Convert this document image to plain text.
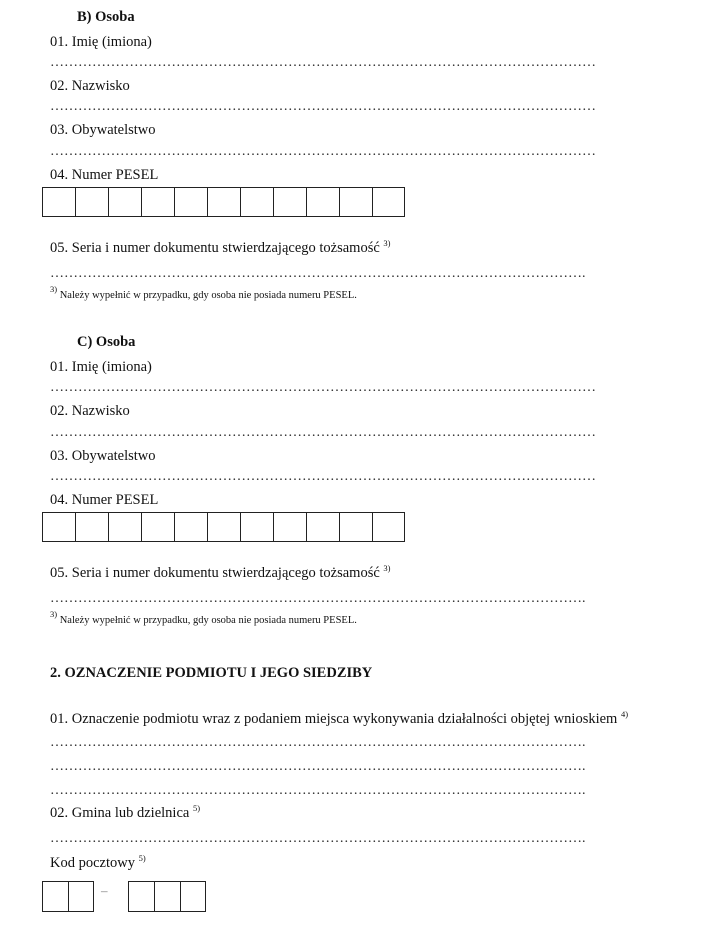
B) Osoba
01. Imię (imiona)
………………………………………………………………………………………………………
02. Nazwisko
………………………………………………………………………………………………………
03. Obywatelstwo
………………………………………………………………………………………………………
04. Numer PESEL
05. Seria i numer dokumentu stwierdzającego tożsamość $^{3)}$
…………………………………………………………………………………………………….
$^{3)}$ Należy wypełnić w przypadku, gdy osoba nie posiada numeru PESEL.
C) Osoba
01. Imię (imiona)
………………………………………………………………………………………………………
02. Nazwisko
………………………………………………………………………………………………………
03. Obywatelstwo
………………………………………………………………………………………………………
04. Numer PESEL
05. Seria i numer dokumentu stwierdzającego tożsamość $^{3)}$
…………………………………………………………………………………………………….
$^{3)}$ Należy wypełnić w przypadku, gdy osoba nie posiada numeru PESEL.
2. OZNACZENIE PODMIOTU I JEGO SIEDZIBY
01. Oznaczenie podmiotu wraz z podaniem miejsca wykonywania działalności objętej wnioskiem $^{4)}$
…………………………………………………………………………………………………….
…………………………………………………………………………………………………….
…………………………………………………………………………………………………….
02. Gmina lub dzielnica $^{5)}$
…………………………………………………………………………………………………….
Kod pocztowy $^{5)}$
–
